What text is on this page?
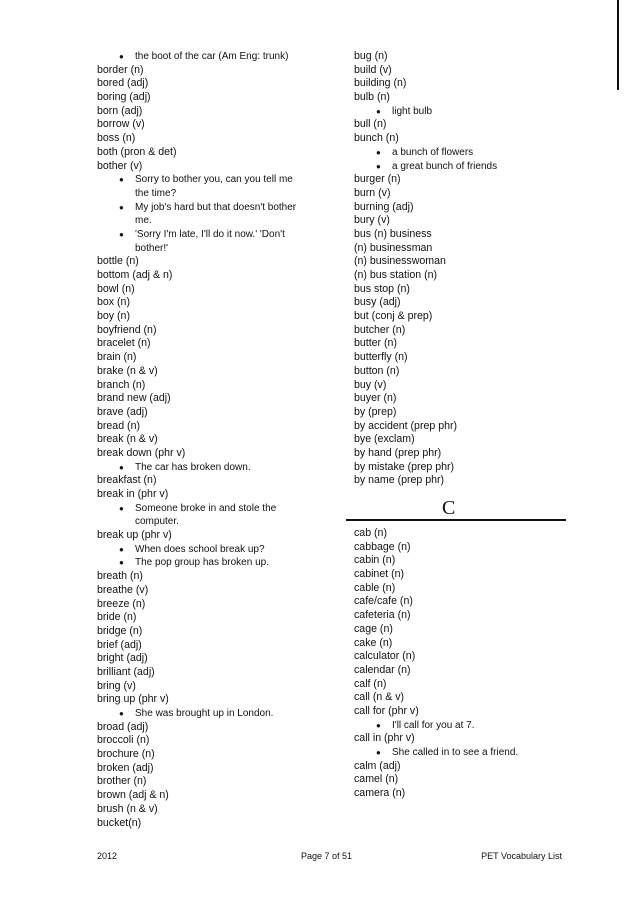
● the boot of the car (Am Eng: trunk)
border (n)
bored (adj)
boring (adj)
born (adj)
borrow (v)
boss (n)
both (pron & det)
bother (v)
● Sorry to bother you, can you tell me
the time?
● My job's hard but that doesn't bother
me.
● 'Sorry I'm late, I'll do it now.' 'Don't
bother!'
bottle (n)
bottom (adj & n)
bowl (n)
box (n)
boy (n)
boyfriend (n)
bracelet (n)
brain (n)
brake (n & v)
branch (n)
brand new (adj)
brave (adj)
bread (n)
break (n & v)
break down (phr v)
● The car has broken down.
breakfast (n)
break in (phr v)
● Someone broke in and stole the
computer.
break up (phr v)
● When does school break up?
● The pop group has broken up.
breath (n)
breathe (v)
breeze (n)
bride (n)
bridge (n)
brief (adj)
bright (adj)
brilliant (adj)
bring (v)
bring up (phr v)
● She was brought up in London.
broad (adj)
broccoli (n)
brochure (n)
broken (adj)
brother (n)
brown (adj & n)
brush (n & v)
bucket(n)
bug (n)
build (v)
building (n)
bulb (n)
● light bulb
bull (n)
bunch (n)
● a bunch of flowers
● a great bunch of friends
burger (n)
burn (v)
burning (adj)
bury (v)
bus (n) business
(n) businessman
(n) businesswoman
(n) bus station (n)
bus stop (n)
busy (adj)
but (conj & prep)
butcher (n)
butter (n)
butterfly (n)
button (n)
buy (v)
buyer (n)
by (prep)
by accident (prep phr)
bye (exclam)
by hand (prep phr)
by mistake (prep phr)
by name (prep phr)
C
cab (n)
cabbage (n)
cabin (n)
cabinet (n)
cable (n)
cafe/cafe (n)
cafeteria (n)
cage (n)
cake (n)
calculator (n)
calendar (n)
calf (n)
call (n & v)
call for (phr v)
● I'll call for you at 7.
call in (phr v)
● She called in to see a friend.
calm (adj)
camel (n)
camera (n)
2012	Page 7 of 51	PET Vocabulary List
